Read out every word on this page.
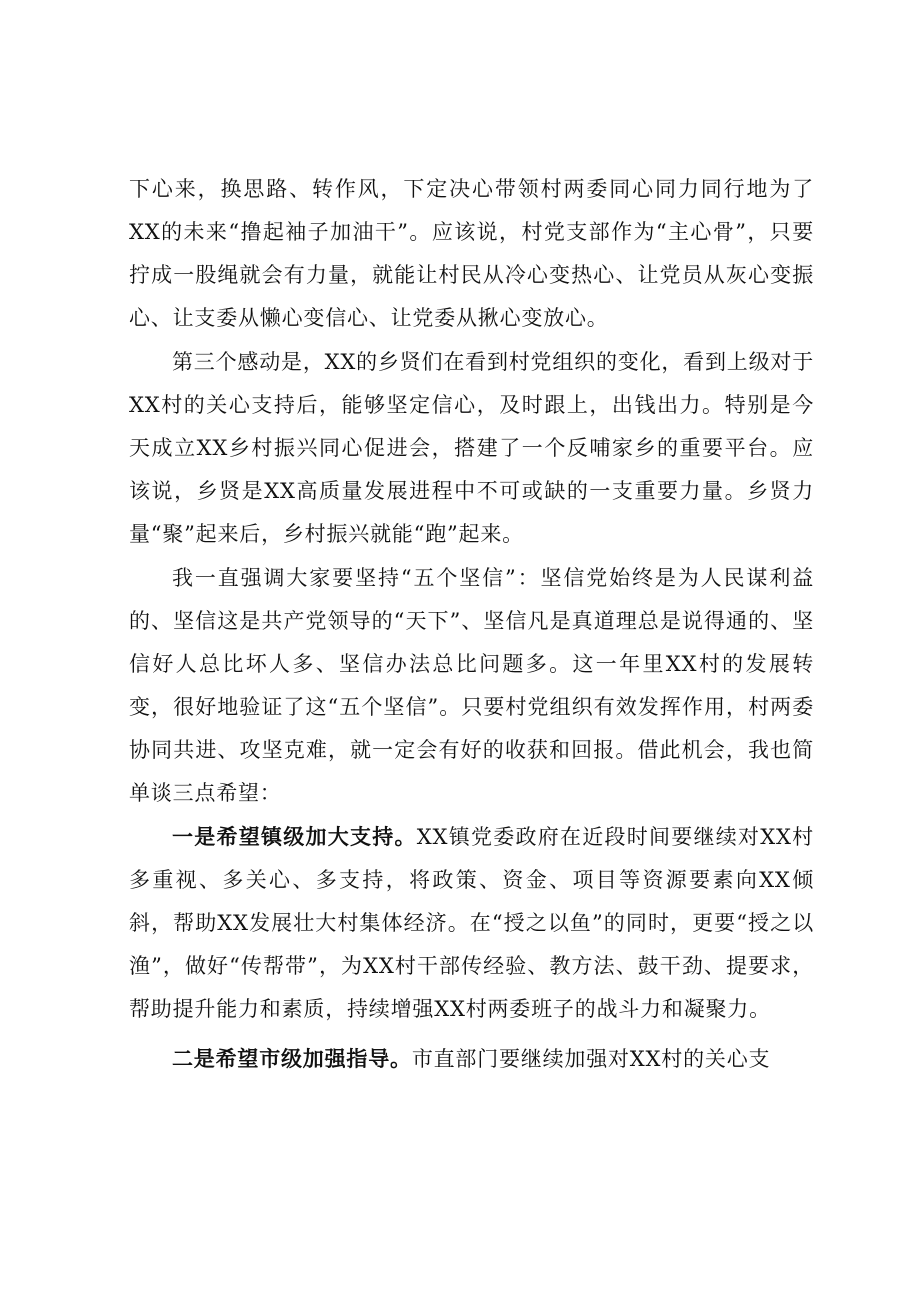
下心来，换思路、转作风，下定决心带领村两委同心同力同行地为了XX的未来“撸起袖子加油干”。应该说，村党支部作为“主心骨”，只要拧成一股绳就会有力量，就能让村民从冷心变热心、让党员从灰心变振心、让支委从懒心变信心、让党委从揪心变放心。

第三个感动是，XX的乡贤们在看到村党组织的变化，看到上级对于XX村的关心支持后，能够坚定信心，及时跟上，出钱出力。特别是今天成立XX乡村振兴同心促进会，搭建了一个反哺家乡的重要平台。应该说，乡贤是XX高质量发展进程中不可或缺的一支重要力量。乡贤力量“聚”起来后，乡村振兴就能“跑”起来。

我一直强调大家要坚持“五个坚信”：坚信党始终是为人民谋利益的、坚信这是共产党领导的“天下”、坚信凡是真道理总是说得通的、坚信好人总比坏人多、坚信办法总比问题多。这一年里XX村的发展转变，很好地验证了这“五个坚信”。只要村党组织有效发挥作用，村两委协同共进、攻坚克难，就一定会有好的收获和回报。借此机会，我也简单谈三点希望：

一是希望镇级加大支持。XX镇党委政府在近段时间要继续对XX村多重视、多关心、多支持，将政策、资金、项目等资源要素向XX倾斜，帮助XX发展壮大村集体经济。在“授之以鱼”的同时，更要“授之以渔”，做好“传帮带”，为XX村干部传经验、教方法、鼓干劲、提要求，帮助提升能力和素质，持续增强XX村两委班子的战斗力和凝聚力。

二是希望市级加强指导。市直部门要继续加强对XX村的关心支
